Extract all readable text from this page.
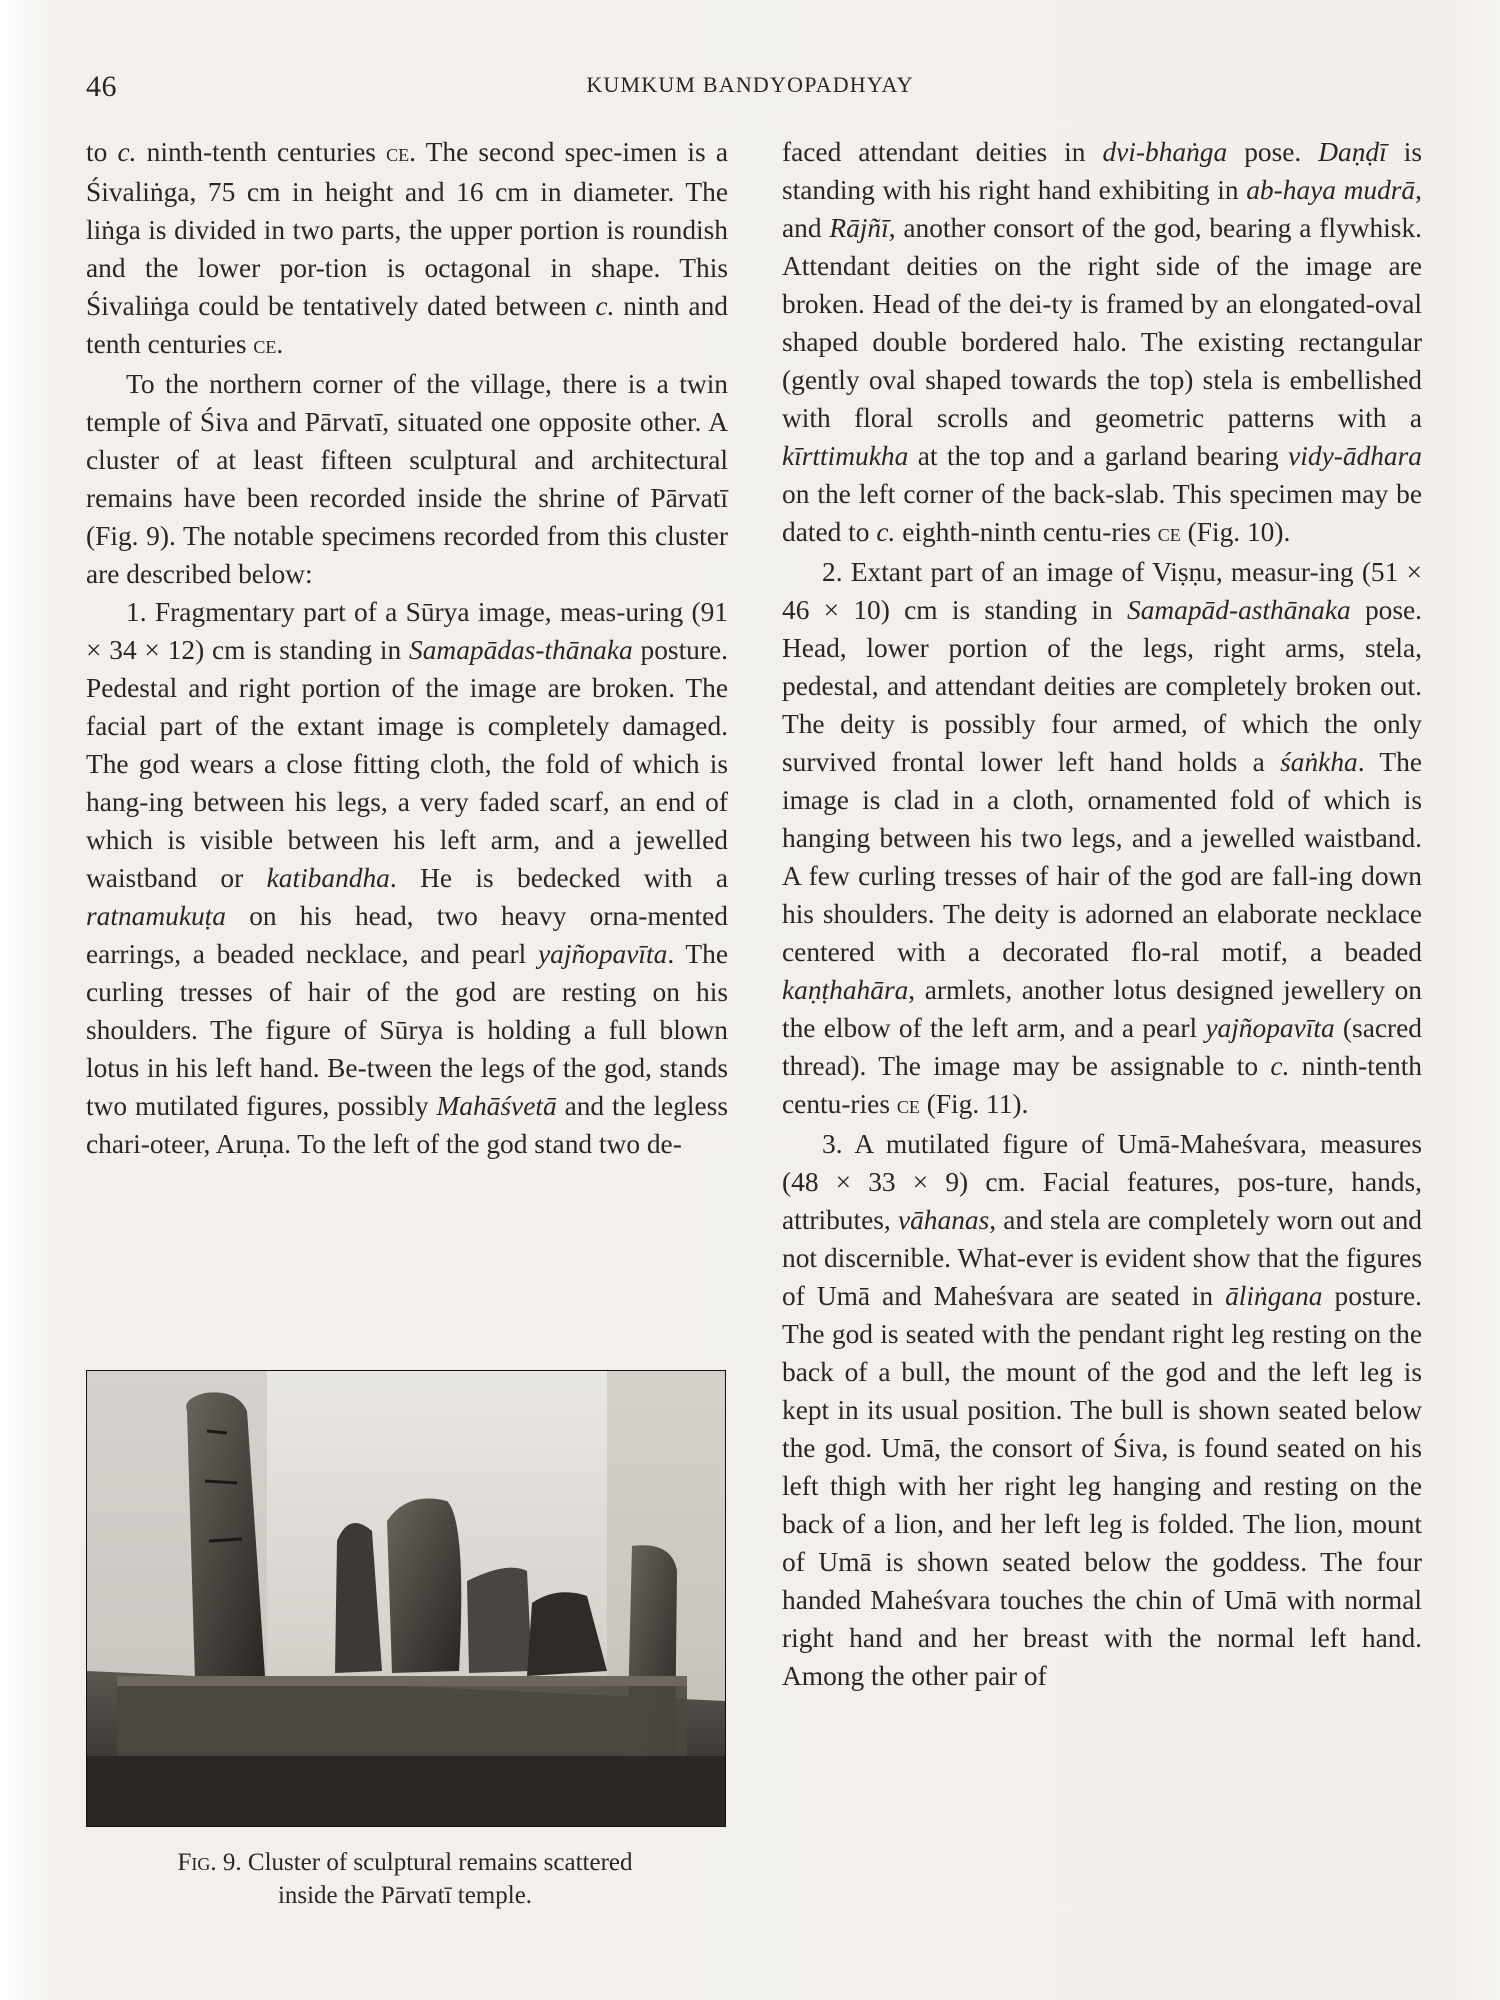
46	KUMKUM BANDYOPADHYAY

to c. ninth-tenth centuries ce. The second spec-imen is a Śivaliṅga, 75 cm in height and 16 cm in diameter. The liṅga is divided in two parts, the upper portion is roundish and the lower por-tion is octagonal in shape. This Śivaliṅga could be tentatively dated between c. ninth and tenth centuries ce.

To the northern corner of the village, there is a twin temple of Śiva and Pārvatī, situated one opposite other. A cluster of at least fifteen sculptural and architectural remains have been recorded inside the shrine of Pārvatī (Fig. 9). The notable specimens recorded from this cluster are described below:

1. Fragmentary part of a Sūrya image, meas-uring (91 × 34 × 12) cm is standing in Samapādas-thānaka posture. Pedestal and right portion of the image are broken. The facial part of the extant image is completely damaged. The god wears a close fitting cloth, the fold of which is hang-ing between his legs, a very faded scarf, an end of which is visible between his left arm, and a jewelled waistband or katibandha. He is bedecked with a ratnamukuṭa on his head, two heavy orna-mented earrings, a beaded necklace, and pearl yajñopavīta. The curling tresses of hair of the god are resting on his shoulders. The figure of Sūrya is holding a full blown lotus in his left hand. Be-tween the legs of the god, stands two mutilated figures, possibly Mahāśvetā and the legless chari-oteer, Aruṇa. To the left of the god stand two de-

Fig. 9. Cluster of sculptural remains scattered
inside the Pārvatī temple.

faced attendant deities in dvi-bhaṅga pose. Daṇḍī is standing with his right hand exhibiting in ab-haya mudrā, and Rājñī, another consort of the god, bearing a flywhisk. Attendant deities on the right side of the image are broken. Head of the dei-ty is framed by an elongated-oval shaped double bordered halo. The existing rectangular (gently oval shaped towards the top) stela is embellished with floral scrolls and geometric patterns with a kīrttimukha at the top and a garland bearing vidy-ādhara on the left corner of the back-slab. This specimen may be dated to c. eighth-ninth centu-ries ce (Fig. 10).

2. Extant part of an image of Viṣṇu, measur-ing (51 × 46 × 10) cm is standing in Samapād-asthānaka pose. Head, lower portion of the legs, right arms, stela, pedestal, and attendant deities are completely broken out. The deity is possibly four armed, of which the only survived frontal lower left hand holds a śaṅkha. The image is clad in a cloth, ornamented fold of which is hanging between his two legs, and a jewelled waistband. A few curling tresses of hair of the god are fall-ing down his shoulders. The deity is adorned an elaborate necklace centered with a decorated flo-ral motif, a beaded kaṇṭhahāra, armlets, another lotus designed jewellery on the elbow of the left arm, and a pearl yajñopavīta (sacred thread). The image may be assignable to c. ninth-tenth centu-ries ce (Fig. 11).

3. A mutilated figure of Umā-Maheśvara, measures (48 × 33 × 9) cm. Facial features, pos-ture, hands, attributes, vāhanas, and stela are completely worn out and not discernible. What-ever is evident show that the figures of Umā and Maheśvara are seated in āliṅgana posture. The god is seated with the pendant right leg resting on the back of a bull, the mount of the god and the left leg is kept in its usual position. The bull is shown seated below the god. Umā, the consort of Śiva, is found seated on his left thigh with her right leg hanging and resting on the back of a lion, and her left leg is folded. The lion, mount of Umā is shown seated below the goddess. The four handed Maheśvara touches the chin of Umā with normal right hand and her breast with the normal left hand. Among the other pair of
